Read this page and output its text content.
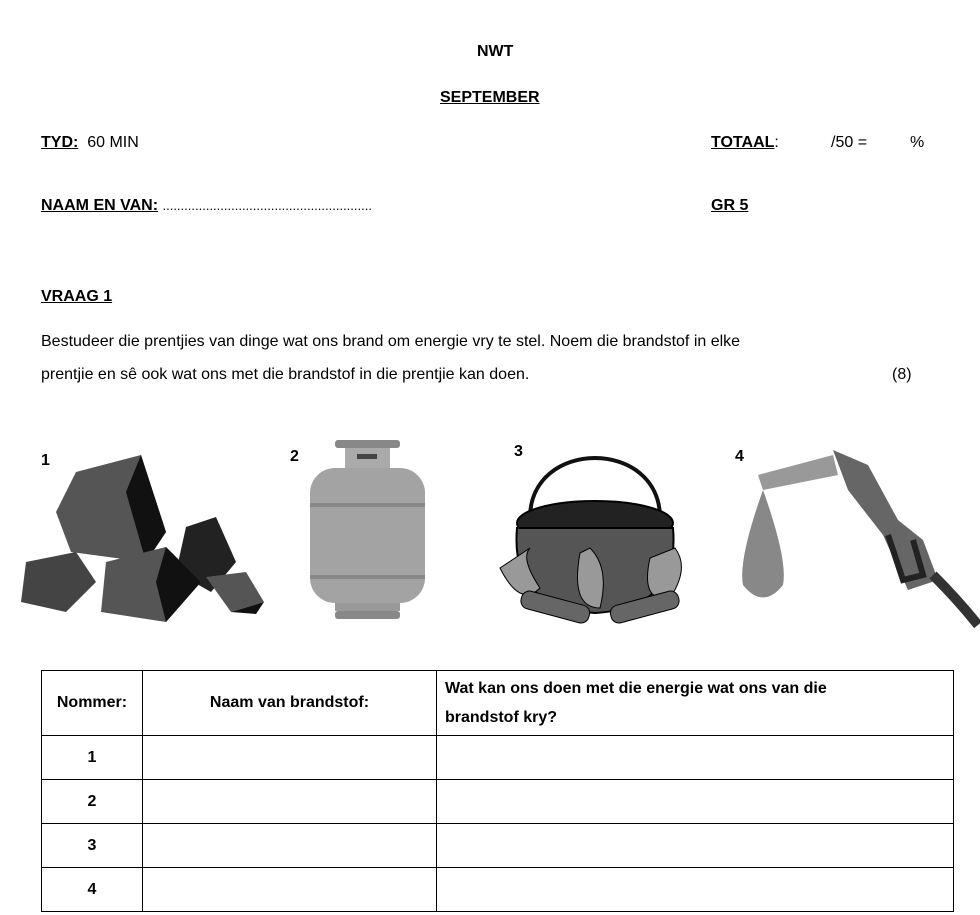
NWT
SEPTEMBER
TYD: 60 MIN	TOTAAL:	/50 =	%
NAAM EN VAN: ..........................................................	GR 5
VRAAG 1
Bestudeer die prentjies van dinge wat ons brand om energie vry te stel. Noem die brandstof in elke
prentjie en sê ook wat ons met die brandstof in die prentjie kan doen.	(8)
1	2	3	4
Nommer:	Naam van brandstof:	Wat kan ons doen met die energie wat ons van die
brandstof kry?
1		
2		
3		
4		
